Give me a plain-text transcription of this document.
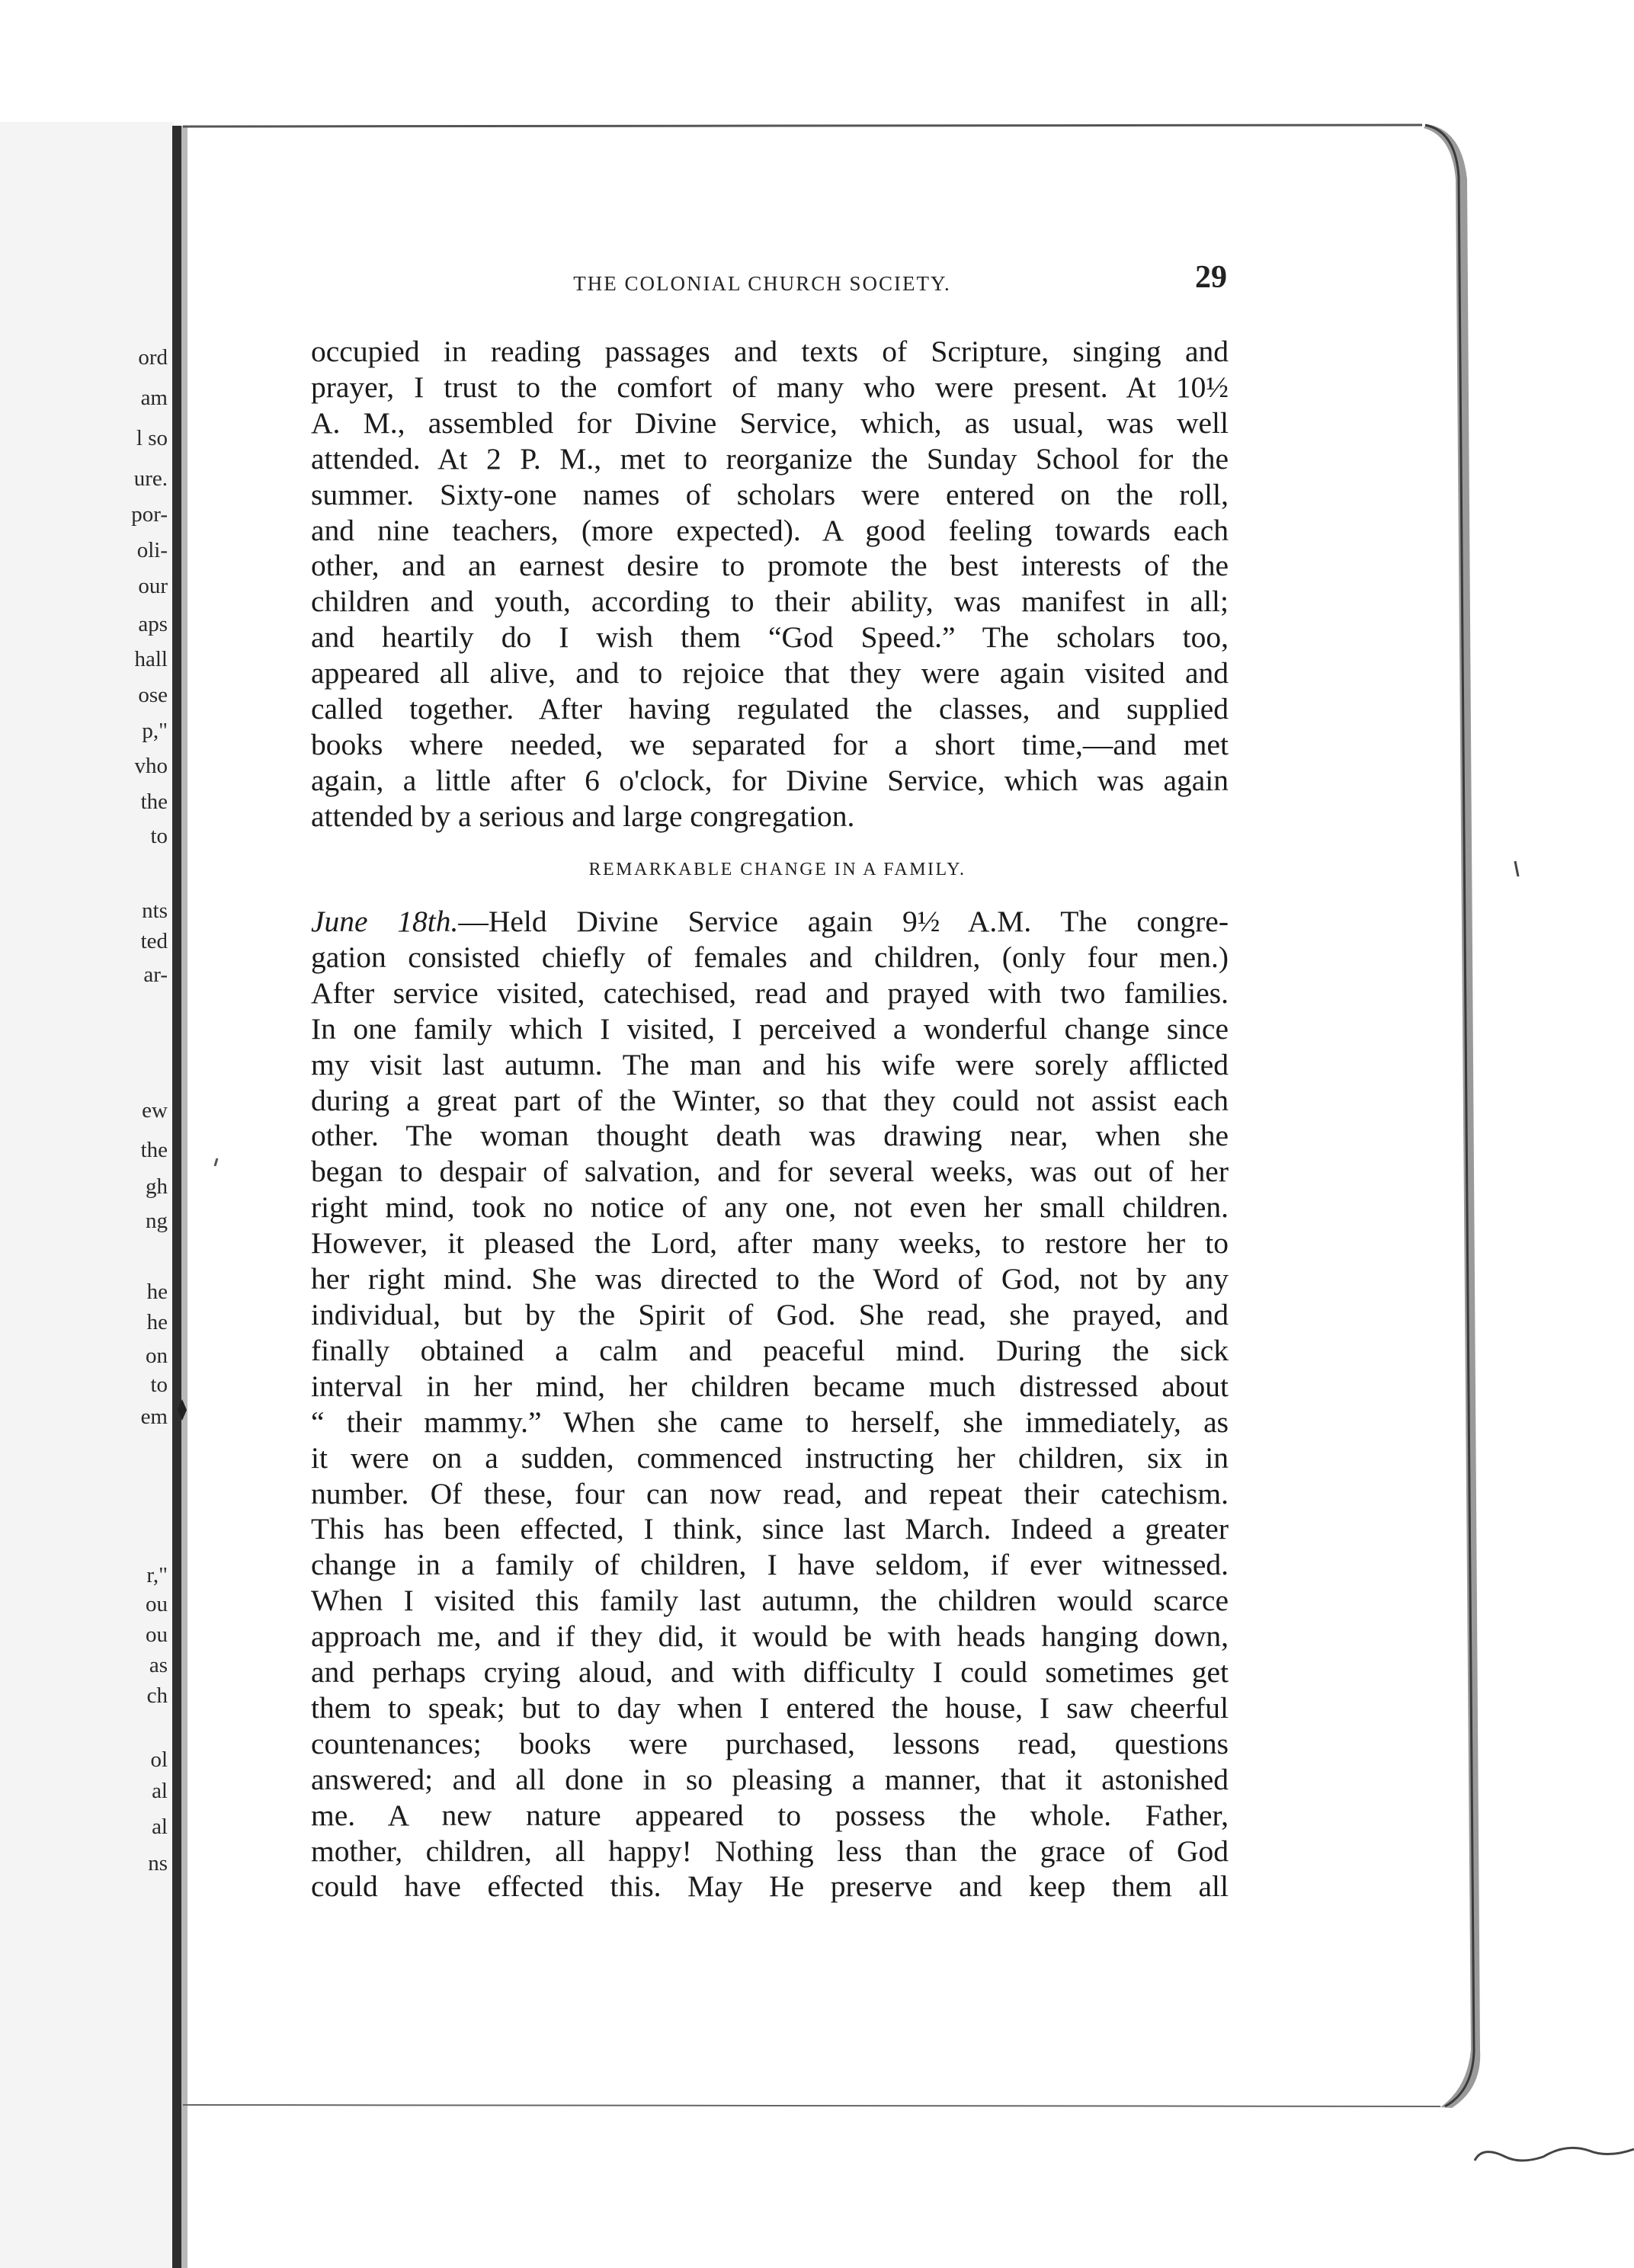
ord
am
l so
ure.
por-
oli-
our
aps
hall
ose
p,"
vho
the
to
nts
ted
ar-
ew
the
gh
ng
he
he
on
to
em
r,"
ou
ou
as
ch
ol
al
al
ns
THE COLONIAL CHURCH SOCIETY.	29
occupied in reading passages and texts of Scripture, singing and
prayer, I trust to the comfort of many who were present. At 10½
A. M., assembled for Divine Service, which, as usual, was well
attended. At 2 P. M., met to reorganize the Sunday School for the
summer. Sixty-one names of scholars were entered on the roll,
and nine teachers, (more expected). A good feeling towards each
other, and an earnest desire to promote the best interests of the
children and youth, according to their ability, was manifest in all;
and heartily do I wish them “God Speed.” The scholars too,
appeared all alive, and to rejoice that they were again visited and
called together. After having regulated the classes, and supplied
books where needed, we separated for a short time,—and met
again, a little after 6 o'clock, for Divine Service, which was again
attended by a serious and large congregation.
REMARKABLE CHANGE IN A FAMILY.
June 18th.—Held Divine Service again 9½ A.M. The congre-
gation consisted chiefly of females and children, (only four men.)
After service visited, catechised, read and prayed with two families.
In one family which I visited, I perceived a wonderful change since
my visit last autumn. The man and his wife were sorely afflicted
during a great part of the Winter, so that they could not assist each
other. The woman thought death was drawing near, when she
began to despair of salvation, and for several weeks, was out of her
right mind, took no notice of any one, not even her small children.
However, it pleased the Lord, after many weeks, to restore her to
her right mind. She was directed to the Word of God, not by any
individual, but by the Spirit of God. She read, she prayed, and
finally obtained a calm and peaceful mind. During the sick
interval in her mind, her children became much distressed about
“ their mammy.” When she came to herself, she immediately, as
it were on a sudden, commenced instructing her children, six in
number. Of these, four can now read, and repeat their catechism.
This has been effected, I think, since last March. Indeed a greater
change in a family of children, I have seldom, if ever witnessed.
When I visited this family last autumn, the children would scarce
approach me, and if they did, it would be with heads hanging down,
and perhaps crying aloud, and with difficulty I could sometimes get
them to speak; but to day when I entered the house, I saw cheerful
countenances; books were purchased, lessons read, questions
answered; and all done in so pleasing a manner, that it astonished
me. A new nature appeared to possess the whole. Father,
mother, children, all happy! Nothing less than the grace of God
could have effected this. May He preserve and keep them all
